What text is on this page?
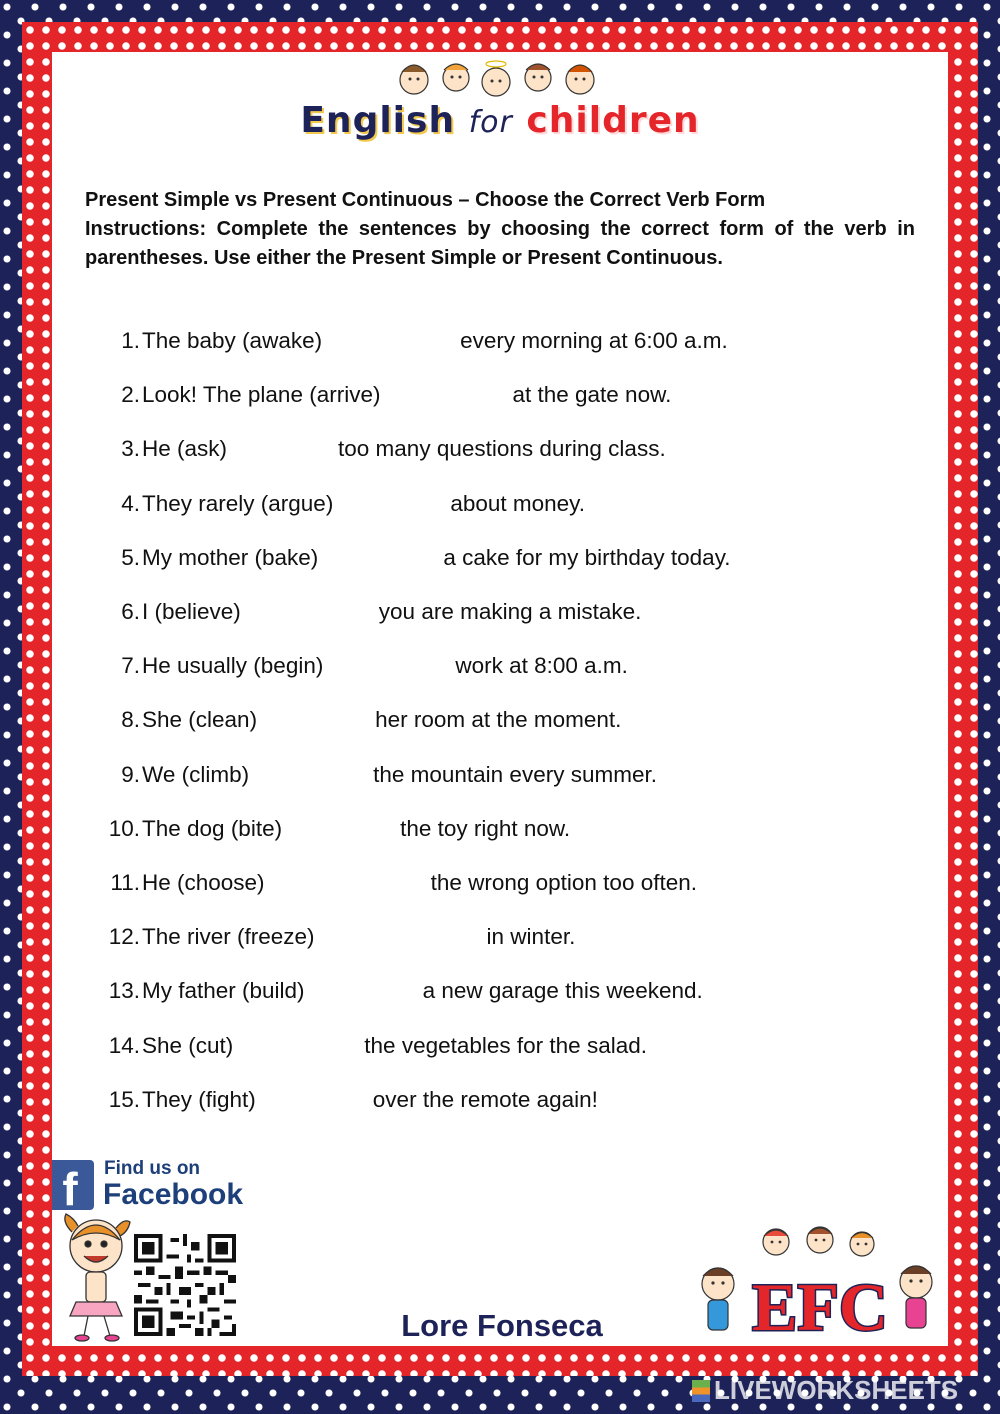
English for children

Present Simple vs Present Continuous – Choose the Correct Verb Form

Instructions: Complete the sentences by choosing the correct form of the verb in parentheses. Use either the Present Simple or Present Continuous.

1. The baby (awake)	every morning at 6:00 a.m.
2. Look! The plane (arrive)	at the gate now.
3. He (ask)	too many questions during class.
4. They rarely (argue)	about money.
5. My mother (bake)	a cake for my birthday today.
6. I (believe)	you are making a mistake.
7. He usually (begin)	work at 8:00 a.m.
8. She (clean)	her room at the moment.
9. We (climb)	the mountain every summer.
10. The dog (bite)	the toy right now.
11. He (choose)	the wrong option too often.
12. The river (freeze)	in winter.
13. My father (build)	a new garage this weekend.
14. She (cut)	the vegetables for the salad.
15. They (fight)	over the remote again!
f	Find us on
Facebook
Lore Fonseca	EFC
LIVEWORKSHEETS
